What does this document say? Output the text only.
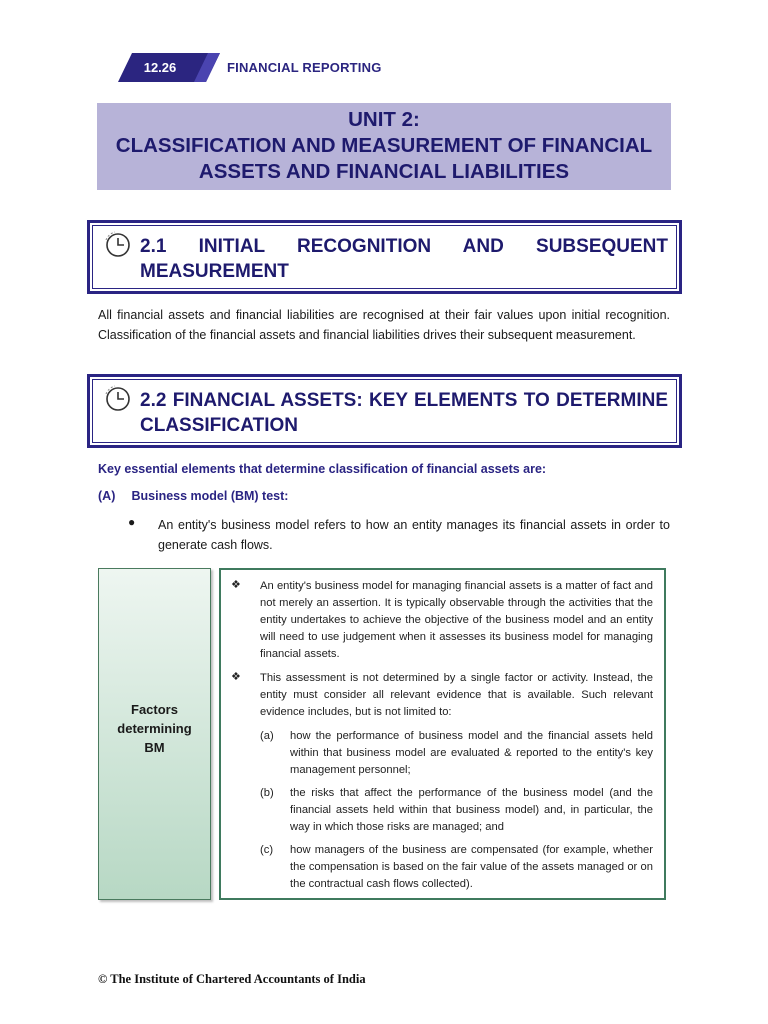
12.26	FINANCIAL REPORTING
UNIT 2:
CLASSIFICATION AND MEASUREMENT OF FINANCIAL
ASSETS AND FINANCIAL LIABILITIES
2.1 INITIAL RECOGNITION AND SUBSEQUENT
MEASUREMENT
All financial assets and financial liabilities are recognised at their fair values upon initial recognition. Classification of the financial assets and financial liabilities drives their subsequent measurement.
2.2 FINANCIAL ASSETS: KEY ELEMENTS TO DETERMINE
CLASSIFICATION
Key essential elements that determine classification of financial assets are:
(A) Business model (BM) test:
● An entity's business model refers to how an entity manages its financial assets in order to generate cash flows.
Factors
determining
BM
❖ An entity's business model for managing financial assets is a matter of fact and not merely an assertion. It is typically observable through the activities that the entity undertakes to achieve the objective of the business model and an entity will need to use judgement when it assesses its business model for managing financial assets.
❖ This assessment is not determined by a single factor or activity. Instead, the entity must consider all relevant evidence that is available. Such relevant evidence includes, but is not limited to:
(a) how the performance of business model and the financial assets held within that business model are evaluated & reported to the entity's key management personnel;
(b) the risks that affect the performance of the business model (and the financial assets held within that business model) and, in particular, the way in which those risks are managed; and
(c) how managers of the business are compensated (for example, whether the compensation is based on the fair value of the assets managed or on the contractual cash flows collected).
© The Institute of Chartered Accountants of India
